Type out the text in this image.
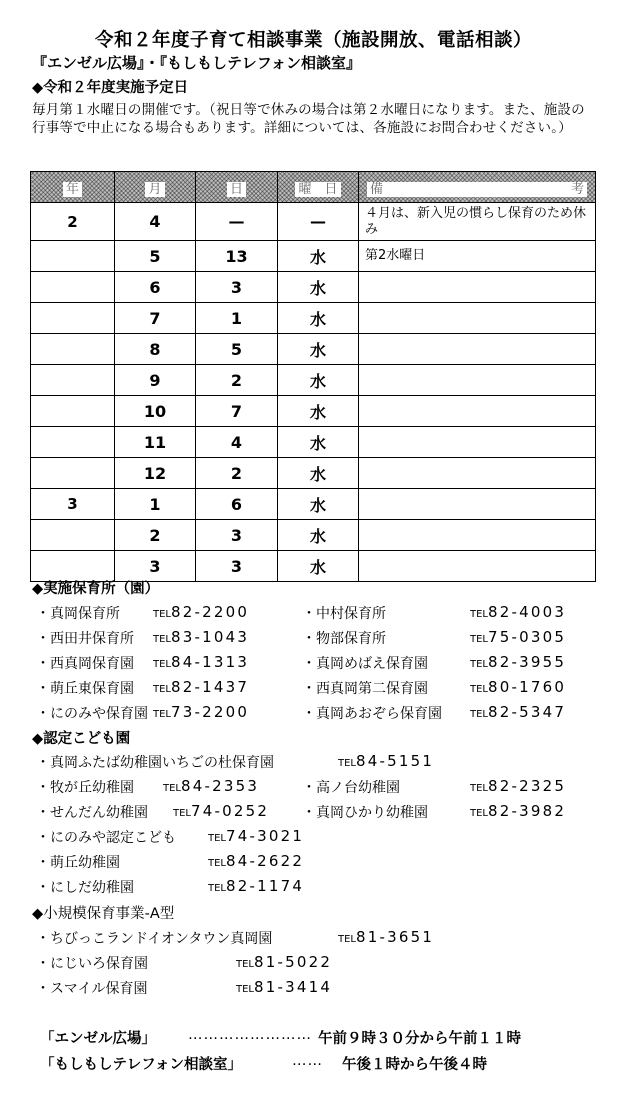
令和２年度子育て相談事業（施設開放、電話相談）
『エンゼル広場』・『もしもしテレフォン相談室』
◆令和２年度実施予定日
毎月第１水曜日の開催です。（祝日等で休みの場合は第２水曜日になります。また、施設の行事等で中止になる場合もあります。詳細については、各施設にお問合わせください。）
年	月	日	曜　日	備 考
2	4	—	—	４月は、新入児の慣らし保育のため休み
	5	13	水	第2水曜日
	6	3	水	
	7	1	水	
	8	5	水	
	9	2	水	
	10	7	水	
	11	4	水	
	12	2	水	
3	1	6	水	
	2	3	水	
	3	3	水	
◆実施保育所（園）
・真岡保育所	TEL82-2200	・中村保育所	TEL82-4003
・西田井保育所 TEL83-1043	・物部保育所	TEL75-0305
・西真岡保育園 TEL84-1313	・真岡めばえ保育園	TEL82-3955
・萌丘東保育園 TEL82-1437	・西真岡第二保育園	TEL80-1760
・にのみや保育園 TEL73-2200	・真岡あおぞら保育園	TEL82-5347
◆認定こども園
・真岡ふたば幼稚園いちごの杜保育園	TEL84-5151
・牧が丘幼稚園	TEL84-2353	・高ノ台幼稚園	TEL82-2325
・せんだん幼稚園	TEL74-0252 ・真岡ひかり幼稚園	TEL82-3982
・にのみや認定こども	TEL74-3021
・萌丘幼稚園	TEL84-2622
・にしだ幼稚園	TEL82-1174
◆小規模保育事業-A型
・ちびっこランドイオンタウン真岡園	TEL81-3651
・にじいろ保育園	TEL81-5022
・スマイル保育園	TEL81-3414
「エンゼル広場」 …………………… 午前９時３０分から午前１１時
「もしもしテレフォン相談室」	…… 午後１時から午後４時
